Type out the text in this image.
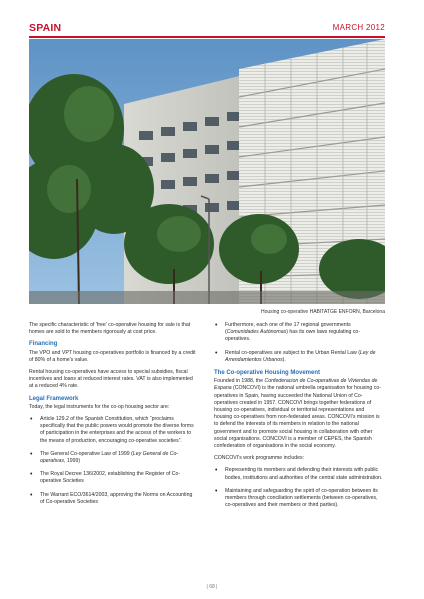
SPAIN	MARCH 2012
Housing co-operative HABITATGE ENFORN, Barcelona

The specific characteristic of 'free' co-operative housing for sale is that homes are sold to the members rigorously at cost price.

Financing

The VPO and VPT housing co-operatives portfolio is financed by a credit of 80% of a home's value.

Rental housing co-operatives have access to special subsidies, fiscal incentives and loans at reduced interest rates. VAT is also implemented at a reduced 4% rate.

Legal Framework

Today, the legal instruments for the co-op housing sector are:

• Article 129.2 of the Spanish Constitution, which “proclaims specifically that the public powers would promote the diverse forms of participation in the enterprises and the access of the workers to the means of production, encouraging co-operative societies”.
• The General Co-operative Law of 1999 (Ley General de Co-operativas, 1999)
• The Royal Decree 136/2002, establishing the Register of Co-operative Societies
• The Warrant ECO/3614/2003, approving the Norms on Accounting of Co-operative Societies
• Furthermore, each one of the 17 regional governments (Comunidades Autónomas) has its own laws regulating co-operatives.
• Rental co-operatives are subject to the Urban Rental Law (Ley de Arrendamientos Urbanos).
The Co-operative Housing Movement

Founded in 1988, the Confederacion de Co-operativas de Viviendas de Espana (CONCOVI) is the national umbrella organisation for housing co-operatives in Spain, having succeeded the National Union of Co-operatives created in 1957. CONCOVI brings together federations of housing co-operatives, individual or territorial representations and housing co-operatives from non-federated areas. CONCOVI's mission is to defend the interests of its members in relation to the national government and to promote social housing in collaboration with other social organisations. CONCOVI is a member of CEPES, the Spanish confederation of organisations in the social economy.

CONCOVI's work programme includes:

• Representing its members and defending their interests with public bodies, institutions and authorities of the central state administration.
• Maintaining and safeguarding the spirit of co-operation between its members through conciliation settlements (between co-operatives, co-operatives and their members or third parties).
| 68 |
